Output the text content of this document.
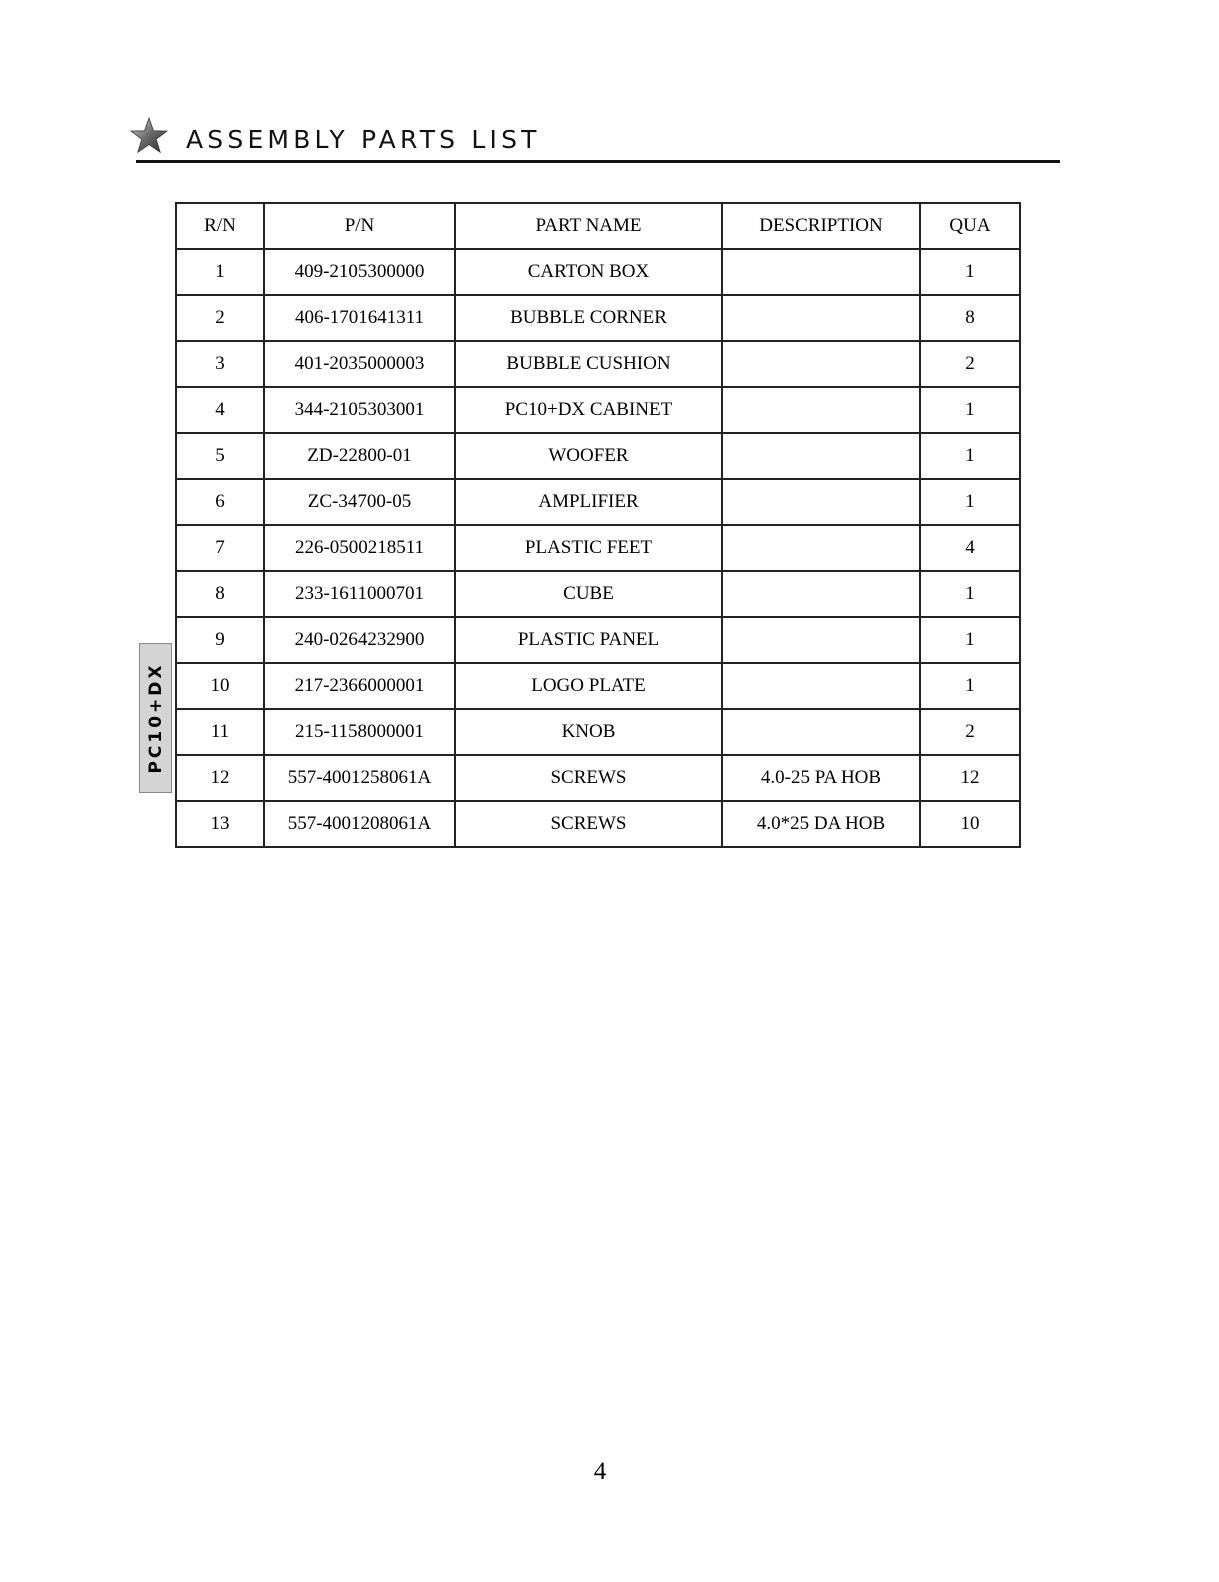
ASSEMBLY PARTS LIST
PC10+DX
R/N	P/N	PART NAME	DESCRIPTION	QUA
1	409-2105300000	CARTON BOX		1
2	406-1701641311	BUBBLE CORNER		8
3	401-2035000003	BUBBLE CUSHION		2
4	344-2105303001	PC10+DX CABINET		1
5	ZD-22800-01	WOOFER		1
6	ZC-34700-05	AMPLIFIER		1
7	226-0500218511	PLASTIC FEET		4
8	233-1611000701	CUBE		1
9	240-0264232900	PLASTIC PANEL		1
10	217-2366000001	LOGO PLATE		1
11	215-1158000001	KNOB		2
12	557-4001258061A	SCREWS	4.0-25 PA HOB	12
13	557-4001208061A	SCREWS	4.0*25 DA HOB	10
4
